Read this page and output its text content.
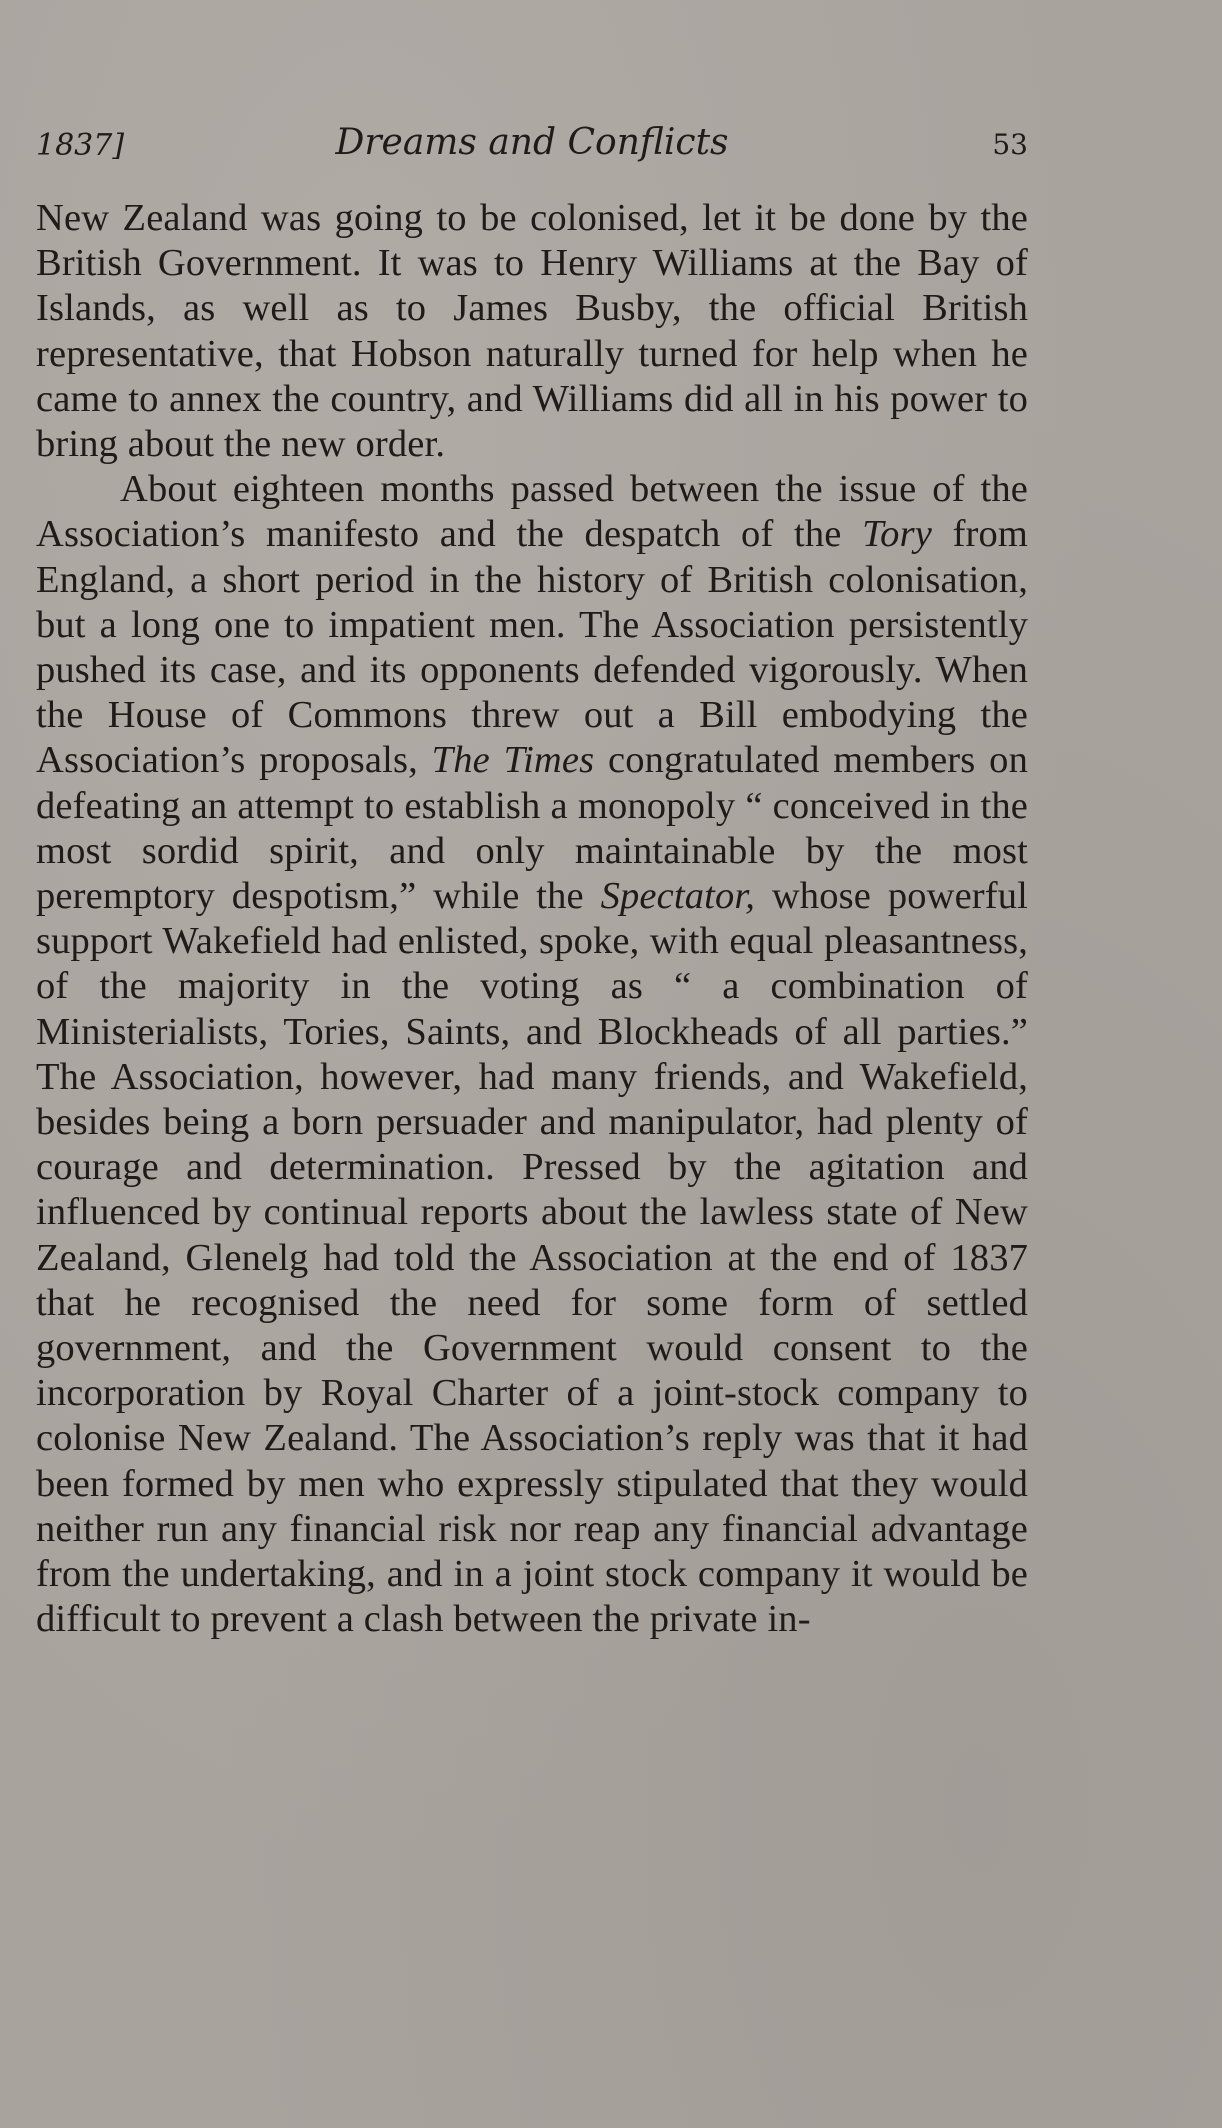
1837]	Dreams and Conflicts	53

New Zealand was going to be colonised, let it be done by the British Government. It was to Henry Williams at the Bay of Islands, as well as to James Busby, the official British representative, that Hobson naturally turned for help when he came to annex the country, and Williams did all in his power to bring about the new order.

About eighteen months passed between the issue of the Association’s manifesto and the despatch of the Tory from England, a short period in the history of British colonisation, but a long one to impatient men. The Association persistently pushed its case, and its opponents defended vigorously. When the House of Commons threw out a Bill embodying the Association’s proposals, The Times congratulated members on defeating an attempt to establish a monopoly “ conceived in the most sordid spirit, and only maintainable by the most peremptory despotism,” while the Spectator, whose powerful support Wakefield had enlisted, spoke, with equal pleasantness, of the majority in the voting as “ a combination of Ministerialists, Tories, Saints, and Blockheads of all parties.” The Association, however, had many friends, and Wakefield, besides being a born persuader and manipulator, had plenty of courage and determination. Pressed by the agitation and influenced by continual reports about the lawless state of New Zealand, Glenelg had told the Association at the end of 1837 that he recognised the need for some form of settled government, and the Government would consent to the incorporation by Royal Charter of a joint-stock company to colonise New Zealand. The Association’s reply was that it had been formed by men who expressly stipulated that they would neither run any financial risk nor reap any financial advantage from the undertaking, and in a joint stock company it would be difficult to prevent a clash between the private in-
